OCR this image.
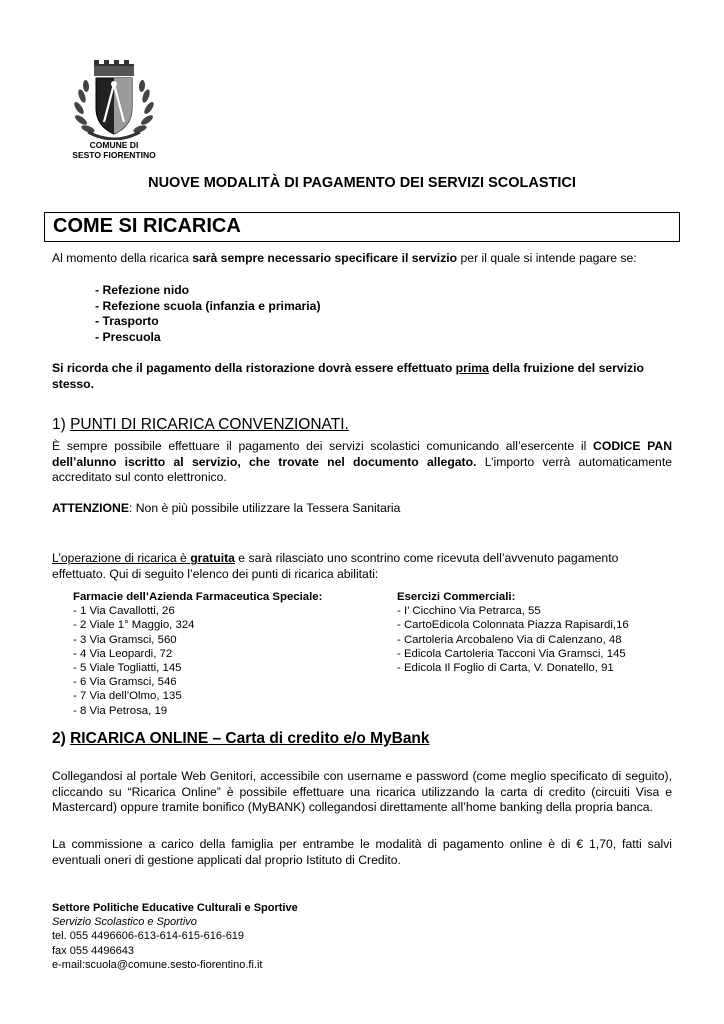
COMUNE DI
SESTO FIORENTINO
NUOVE MODALITÀ DI PAGAMENTO DEI SERVIZI SCOLASTICI
COME SI RICARICA
Al momento della ricarica sarà sempre necessario specificare il servizio per il quale si intende pagare se:
- Refezione nido
- Refezione scuola (infanzia e primaria)
- Trasporto
- Prescuola
Si ricorda che il pagamento della ristorazione dovrà essere effettuato prima della fruizione del servizio stesso.
1) PUNTI DI RICARICA CONVENZIONATI.
È sempre possibile effettuare il pagamento dei servizi scolastici comunicando all’esercente il CODICE PAN dell’alunno iscritto al servizio, che trovate nel documento allegato. L’importo verrà automaticamente accreditato sul conto elettronico.
ATTENZIONE: Non è più possibile utilizzare la Tessera Sanitaria
L’operazione di ricarica è gratuita e sarà rilasciato uno scontrino come ricevuta dell’avvenuto pagamento effettuato. Qui di seguito l’elenco dei punti di ricarica abilitati:
Farmacie dell’Azienda Farmaceutica Speciale:
- 1 Via Cavallotti, 26
- 2 Viale 1° Maggio, 324
- 3 Via Gramsci, 560
- 4 Via Leopardi, 72
- 5 Viale Togliatti, 145
- 6 Via Gramsci, 546
- 7 Via dell’Olmo, 135
- 8 Via Petrosa, 19
Esercizi Commerciali:
- I’ Cicchino Via Petrarca, 55
- CartoEdicola Colonnata Piazza Rapisardi,16
- Cartoleria Arcobaleno Via di Calenzano, 48
- Edicola Cartoleria Tacconi Via Gramsci, 145
- Edicola Il Foglio di Carta, V. Donatello, 91
2) RICARICA ONLINE – Carta di credito e/o MyBank
Collegandosi al portale Web Genitori, accessibile con username e password (come meglio specificato di seguito), cliccando su “Ricarica Online” è possibile effettuare una ricarica utilizzando la carta di credito (circuiti Visa e Mastercard) oppure tramite bonifico (MyBANK) collegandosi direttamente all’home banking della propria banca.
La commissione a carico della famiglia per entrambe le modalità di pagamento online è di € 1,70, fatti salvi eventuali oneri di gestione applicati dal proprio Istituto di Credito.
Settore Politiche Educative Culturali e Sportive
Servizio Scolastico e Sportivo
tel. 055 4496606-613-614-615-616-619
fax 055 4496643
e-mail:scuola@comune.sesto-fiorentino.fi.it
